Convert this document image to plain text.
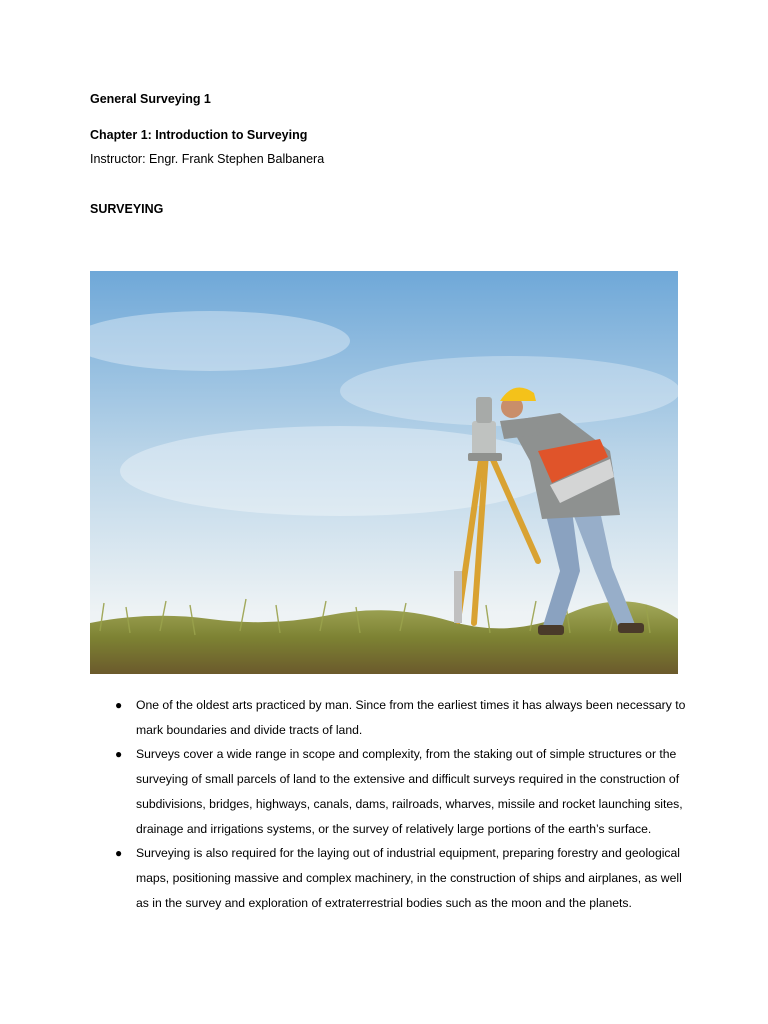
General Surveying 1

Chapter 1: Introduction to Surveying

Instructor: Engr. Frank Stephen Balbanera

SURVEYING

● One of the oldest arts practiced by man. Since from the earliest times it has always been necessary to mark boundaries and divide tracts of land.
● Surveys cover a wide range in scope and complexity, from the staking out of simple structures or the surveying of small parcels of land to the extensive and difficult surveys required in the construction of subdivisions, bridges, highways, canals, dams, railroads, wharves, missile and rocket launching sites, drainage and irrigations systems, or the survey of relatively large portions of the earth’s surface.
● Surveying is also required for the laying out of industrial equipment, preparing forestry and geological maps, positioning massive and complex machinery, in the construction of ships and airplanes, as well as in the survey and exploration of extraterrestrial bodies such as the moon and the planets.
